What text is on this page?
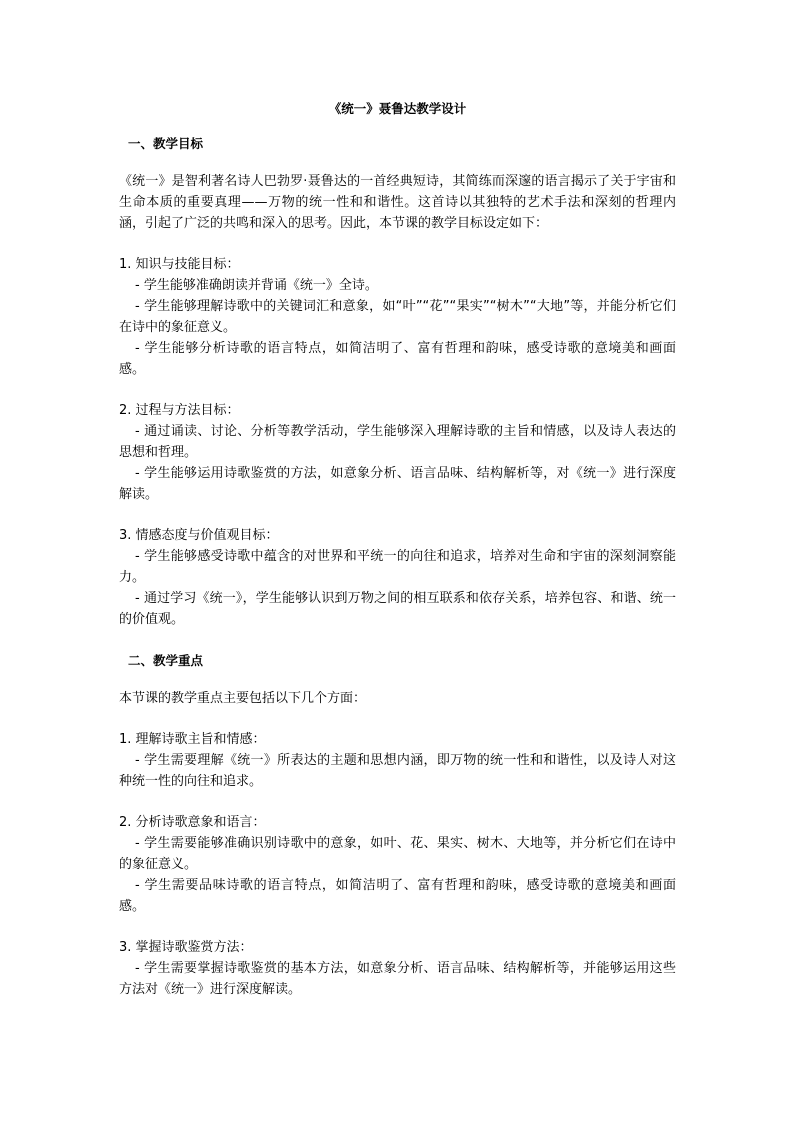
《统一》聂鲁达教学设计
一、教学目标
《统一》是智利著名诗人巴勃罗·聂鲁达的一首经典短诗，其简练而深邃的语言揭示了关于宇宙和生命本质的重要真理——万物的统一性和和谐性。这首诗以其独特的艺术手法和深刻的哲理内涵，引起了广泛的共鸣和深入的思考。因此，本节课的教学目标设定如下：
1. 知识与技能目标：
- 学生能够准确朗读并背诵《统一》全诗。
- 学生能够理解诗歌中的关键词汇和意象，如“叶”“花”“果实”“树木”“大地”等，并能分析它们在诗中的象征意义。
- 学生能够分析诗歌的语言特点，如简洁明了、富有哲理和韵味，感受诗歌的意境美和画面感。
2. 过程与方法目标：
- 通过诵读、讨论、分析等教学活动，学生能够深入理解诗歌的主旨和情感，以及诗人表达的思想和哲理。
- 学生能够运用诗歌鉴赏的方法，如意象分析、语言品味、结构解析等，对《统一》进行深度解读。
3. 情感态度与价值观目标：
- 学生能够感受诗歌中蕴含的对世界和平统一的向往和追求，培养对生命和宇宙的深刻洞察能力。
- 通过学习《统一》，学生能够认识到万物之间的相互联系和依存关系，培养包容、和谐、统一的价值观。
二、教学重点
本节课的教学重点主要包括以下几个方面：
1. 理解诗歌主旨和情感：
- 学生需要理解《统一》所表达的主题和思想内涵，即万物的统一性和和谐性，以及诗人对这种统一性的向往和追求。
2. 分析诗歌意象和语言：
- 学生需要能够准确识别诗歌中的意象，如叶、花、果实、树木、大地等，并分析它们在诗中的象征意义。
- 学生需要品味诗歌的语言特点，如简洁明了、富有哲理和韵味，感受诗歌的意境美和画面感。
3. 掌握诗歌鉴赏方法：
- 学生需要掌握诗歌鉴赏的基本方法，如意象分析、语言品味、结构解析等，并能够运用这些方法对《统一》进行深度解读。
